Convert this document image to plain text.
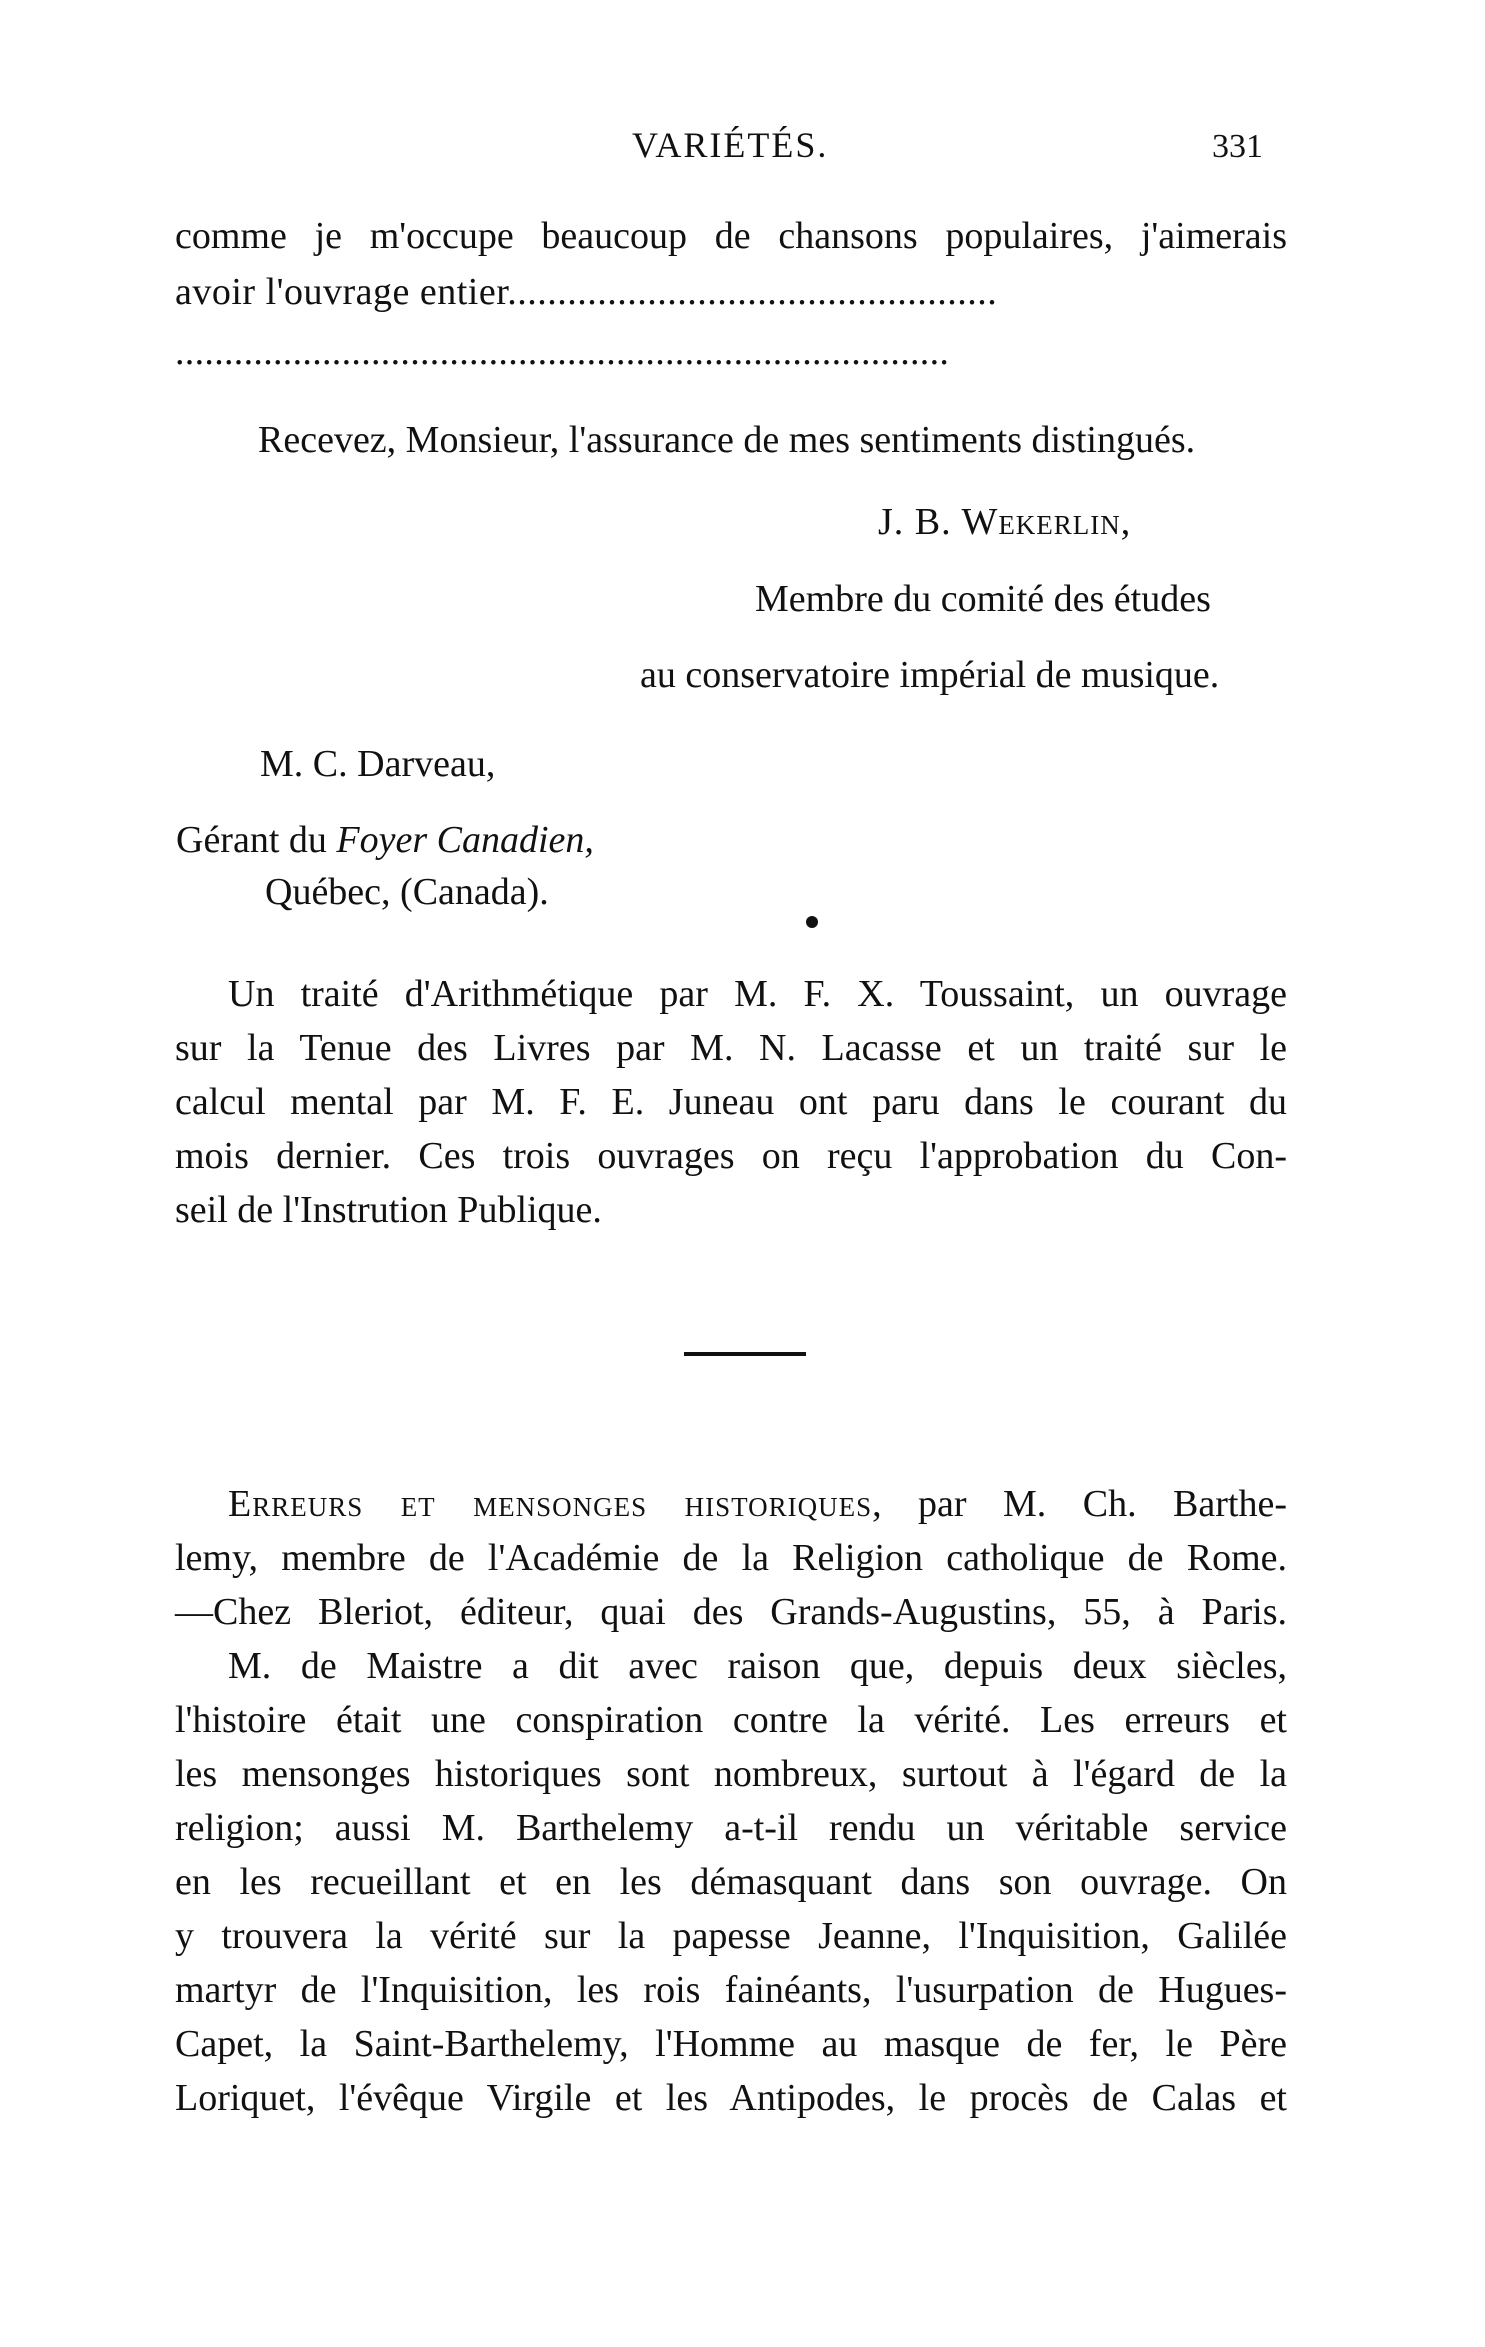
VARIÉTÉS.	331
comme je m'occupe beaucoup de chansons populaires, j'aimerais
avoir l'ouvrage entier.................................................
...............................................................................
Recevez, Monsieur, l'assurance de mes sentiments distingués.
J. B. Wekerlin,
Membre du comité des études
au conservatoire impérial de musique.
M. C. Darveau,
Gérant du Foyer Canadien,
Québec, (Canada).
Un traité d'Arithmétique par M. F. X. Toussaint, un ouvrage
sur la Tenue des Livres par M. N. Lacasse et un traité sur le
calcul mental par M. F. E. Juneau ont paru dans le courant du
mois dernier. Ces trois ouvrages on reçu l'approbation du Con-
seil de l'Instrution Publique.
Erreurs et mensonges historiques, par M. Ch. Barthe-
lemy, membre de l'Académie de la Religion catholique de Rome.
—Chez Bleriot, éditeur, quai des Grands-Augustins, 55, à Paris.
M. de Maistre a dit avec raison que, depuis deux siècles,
l'histoire était une conspiration contre la vérité. Les erreurs et
les mensonges historiques sont nombreux, surtout à l'égard de la
religion; aussi M. Barthelemy a-t-il rendu un véritable service
en les recueillant et en les démasquant dans son ouvrage. On
y trouvera la vérité sur la papesse Jeanne, l'Inquisition, Galilée
martyr de l'Inquisition, les rois fainéants, l'usurpation de Hugues-
Capet, la Saint-Barthelemy, l'Homme au masque de fer, le Père
Loriquet, l'évêque Virgile et les Antipodes, le procès de Calas et
